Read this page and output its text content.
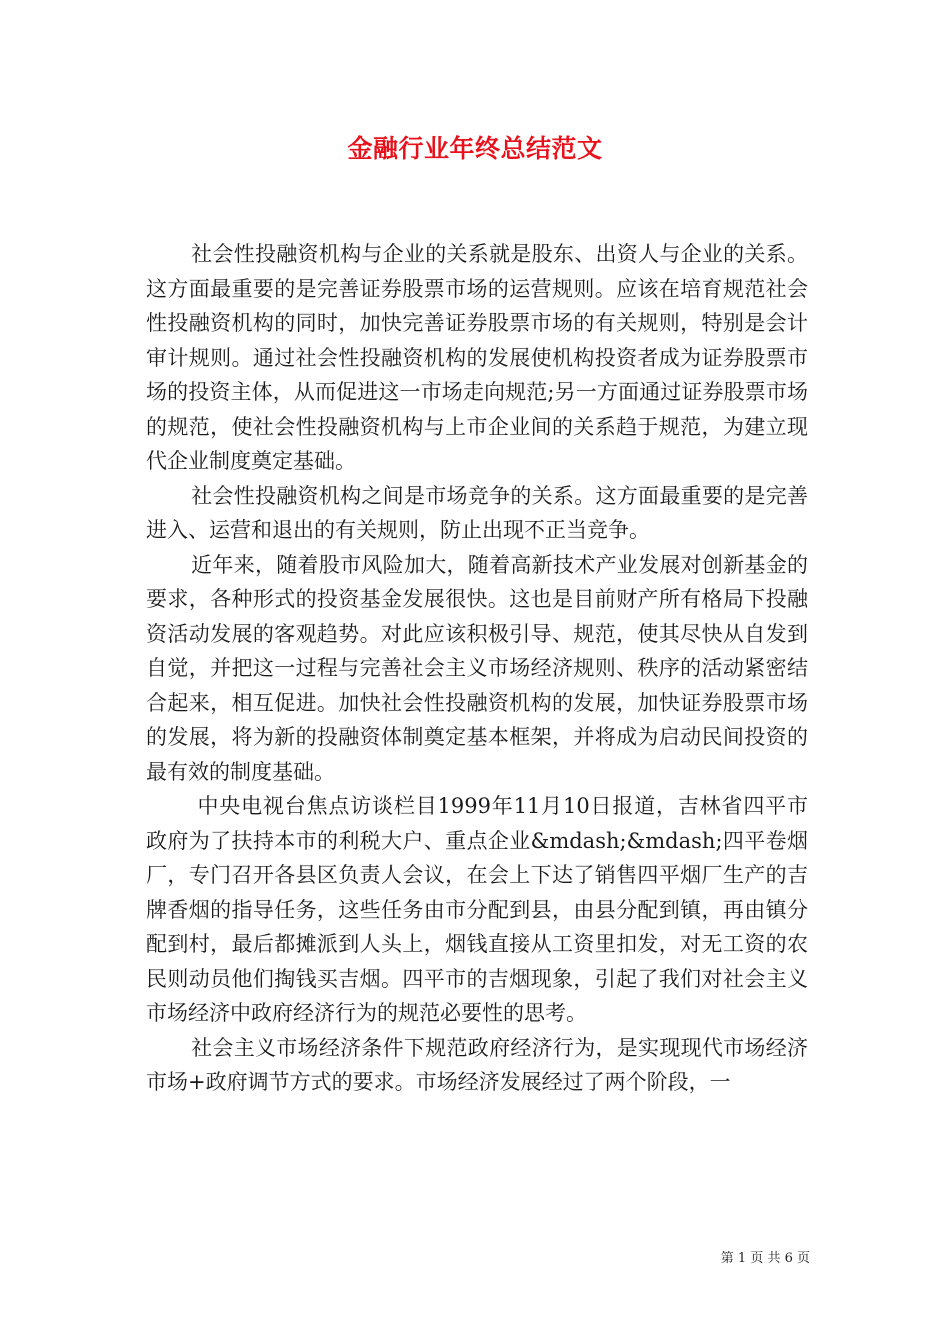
金融行业年终总结范文

社会性投融资机构与企业的关系就是股东、出资人与企业的关系。这方面最重要的是完善证券股票市场的运营规则。应该在培育规范社会性投融资机构的同时，加快完善证券股票市场的有关规则，特别是会计审计规则。通过社会性投融资机构的发展使机构投资者成为证券股票市场的投资主体，从而促进这一市场走向规范;另一方面通过证券股票市场的规范，使社会性投融资机构与上市企业间的关系趋于规范，为建立现代企业制度奠定基础。

社会性投融资机构之间是市场竞争的关系。这方面最重要的是完善进入、运营和退出的有关规则，防止出现不正当竞争。

近年来，随着股市风险加大，随着高新技术产业发展对创新基金的要求，各种形式的投资基金发展很快。这也是目前财产所有格局下投融资活动发展的客观趋势。对此应该积极引导、规范，使其尽快从自发到自觉，并把这一过程与完善社会主义市场经济规则、秩序的活动紧密结合起来，相互促进。加快社会性投融资机构的发展，加快证券股票市场的发展，将为新的投融资体制奠定基本框架，并将成为启动民间投资的最有效的制度基础。

中央电视台焦点访谈栏目1999年11月10日报道，吉林省四平市政府为了扶持本市的利税大户、重点企业&mdash;&mdash;四平卷烟厂，专门召开各县区负责人会议，在会上下达了销售四平烟厂生产的吉牌香烟的指导任务，这些任务由市分配到县，由县分配到镇，再由镇分配到村，最后都摊派到人头上，烟钱直接从工资里扣发，对无工资的农民则动员他们掏钱买吉烟。四平市的吉烟现象，引起了我们对社会主义市场经济中政府经济行为的规范必要性的思考。

社会主义市场经济条件下规范政府经济行为，是实现现代市场经济市场+政府调节方式的要求。市场经济发展经过了两个阶段，一

第 1 页 共 6 页
